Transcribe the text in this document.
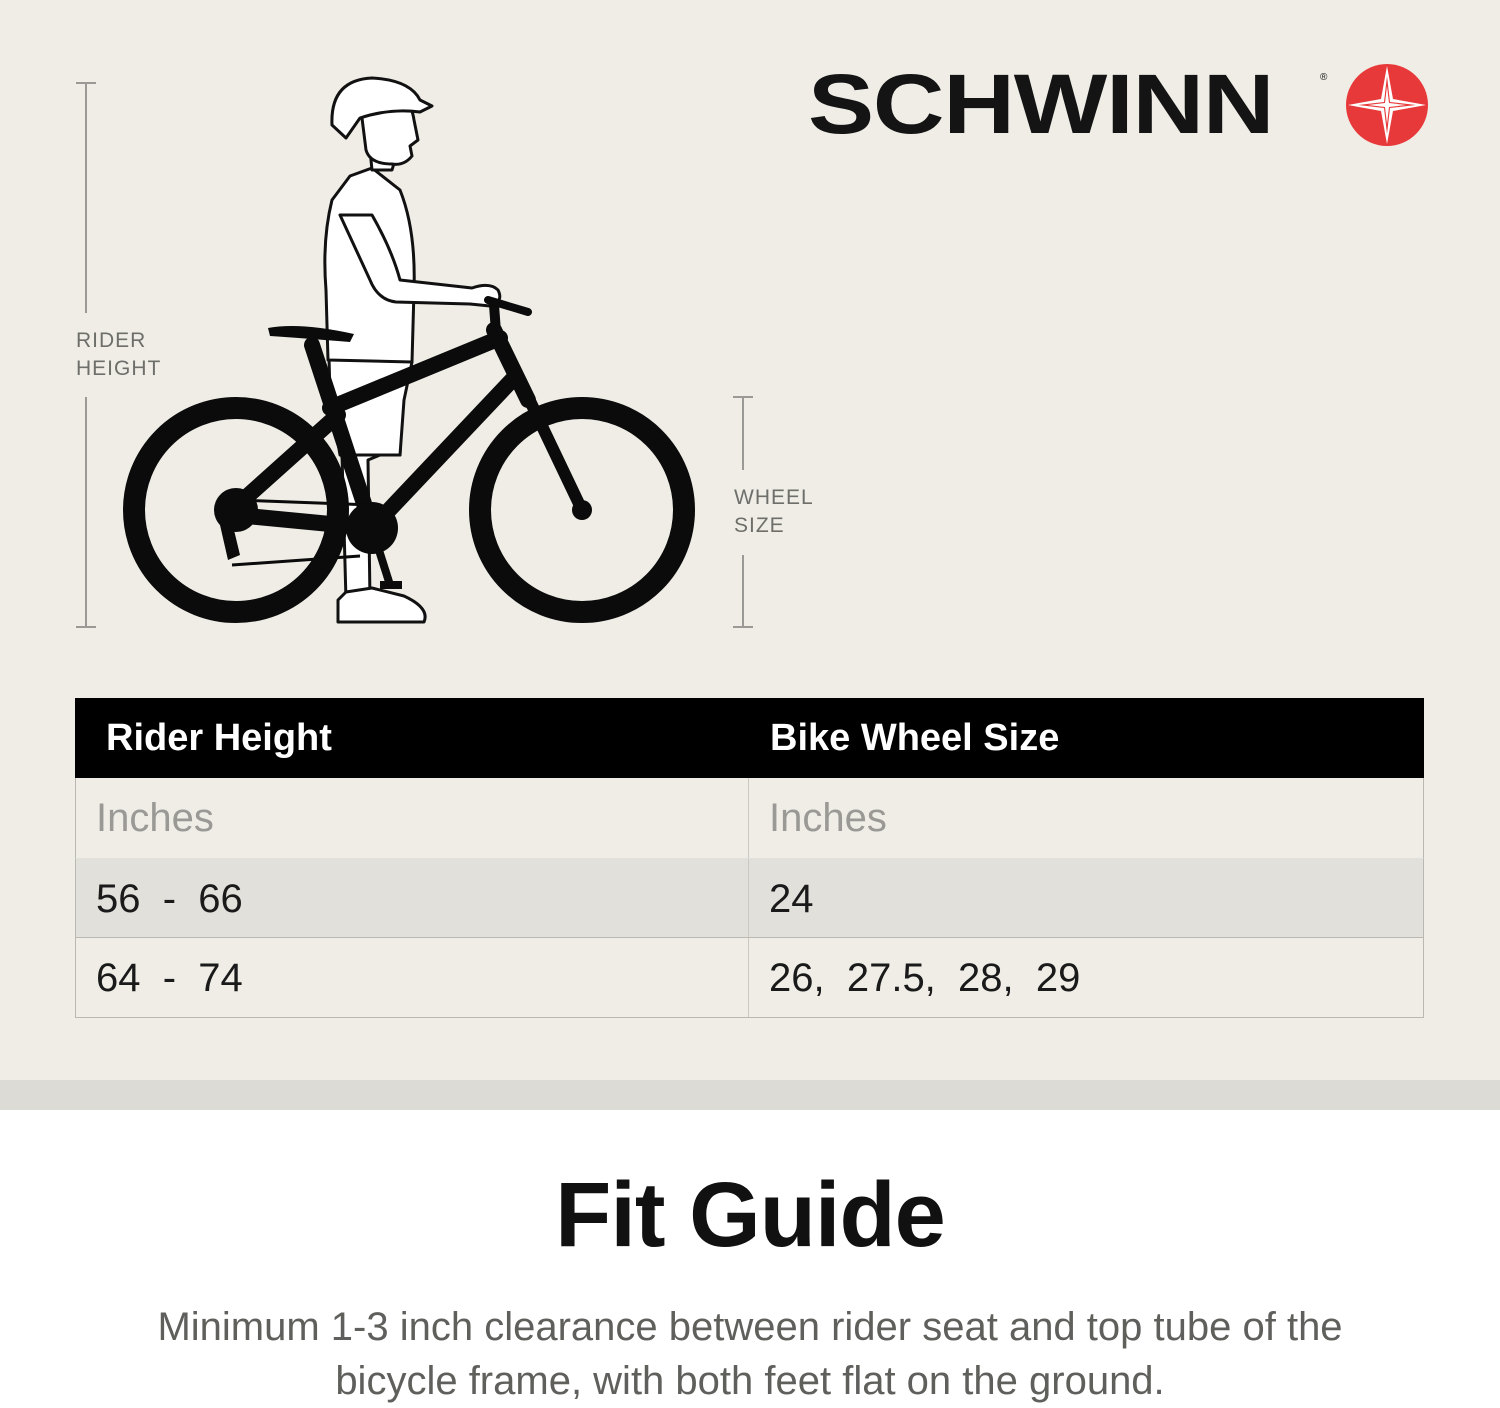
SCHWINN	®
RIDER
HEIGHT
WHEEL
SIZE
Rider Height	Bike Wheel Size
Inches	Inches
56  -  66	24
64  -  74	26,  27.5,  28,  29
Fit Guide
Minimum 1-3 inch clearance between rider seat and top tube of the bicycle frame, with both feet flat on the ground.
